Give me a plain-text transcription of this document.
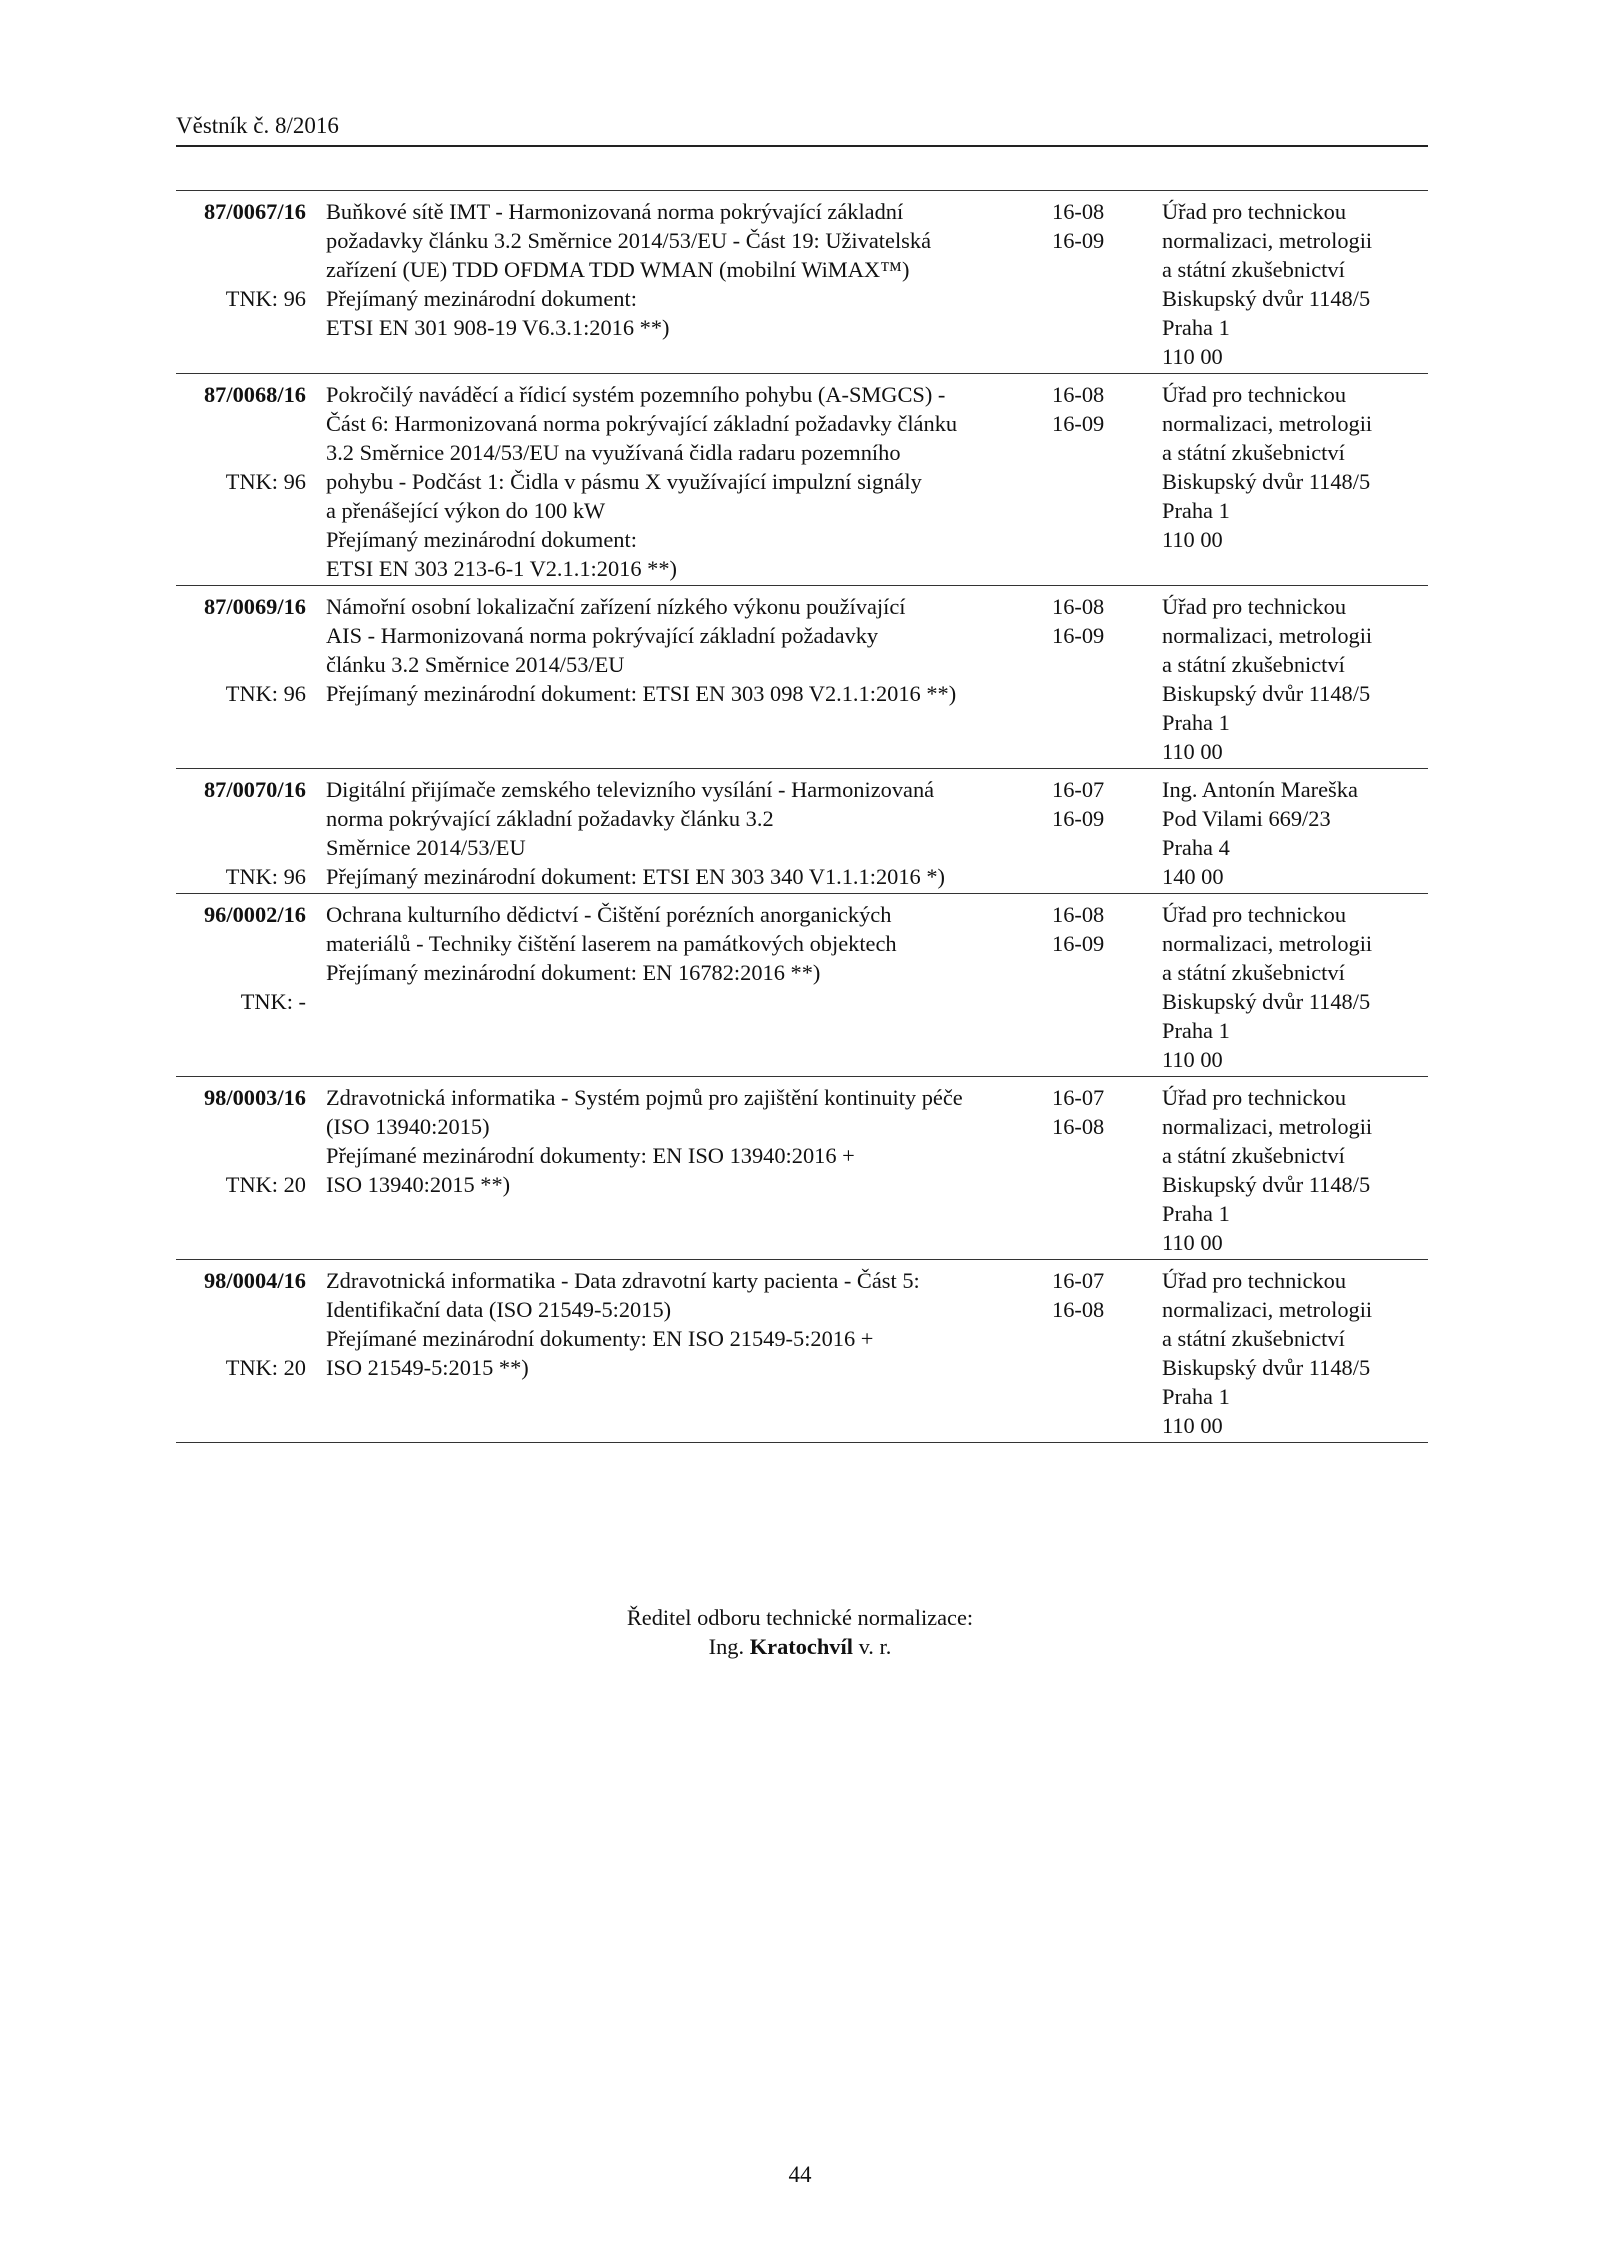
Věstník č. 8/2016
87/0067/16
TNK: 96
Buňkové sítě IMT - Harmonizovaná norma pokrývající základní
požadavky článku 3.2 Směrnice 2014/53/EU - Část 19: Uživatelská
zařízení (UE) TDD OFDMA TDD WMAN (mobilní WiMAX™)
Přejímaný mezinárodní dokument:
ETSI EN 301 908-19 V6.3.1:2016 **)
16-08
16-09
Úřad pro technickou
normalizaci, metrologii
a státní zkušebnictví
Biskupský dvůr 1148/5
Praha 1
110 00
87/0068/16
TNK: 96
Pokročilý naváděcí a řídicí systém pozemního pohybu (A-SMGCS) -
Část 6: Harmonizovaná norma pokrývající základní požadavky článku
3.2 Směrnice 2014/53/EU na využívaná čidla radaru pozemního
pohybu - Podčást 1: Čidla v pásmu X využívající impulzní signály
a přenášející výkon do 100 kW
Přejímaný mezinárodní dokument:
ETSI EN 303 213-6-1 V2.1.1:2016 **)
16-08
16-09
Úřad pro technickou
normalizaci, metrologii
a státní zkušebnictví
Biskupský dvůr 1148/5
Praha 1
110 00
87/0069/16
TNK: 96
Námořní osobní lokalizační zařízení nízkého výkonu používající
AIS - Harmonizovaná norma pokrývající základní požadavky
článku 3.2 Směrnice 2014/53/EU
Přejímaný mezinárodní dokument: ETSI EN 303 098 V2.1.1:2016 **)
16-08
16-09
Úřad pro technickou
normalizaci, metrologii
a státní zkušebnictví
Biskupský dvůr 1148/5
Praha 1
110 00
87/0070/16
TNK: 96
Digitální přijímače zemského televizního vysílání - Harmonizovaná
norma pokrývající základní požadavky článku 3.2
Směrnice 2014/53/EU
Přejímaný mezinárodní dokument: ETSI EN 303 340 V1.1.1:2016 *)
16-07
16-09
Ing. Antonín Mareška
Pod Vilami 669/23
Praha 4
140 00
96/0002/16
TNK: -
Ochrana kulturního dědictví - Čištění porézních anorganických
materiálů - Techniky čištění laserem na památkových objektech
Přejímaný mezinárodní dokument: EN 16782:2016 **)
16-08
16-09
Úřad pro technickou
normalizaci, metrologii
a státní zkušebnictví
Biskupský dvůr 1148/5
Praha 1
110 00
98/0003/16
TNK: 20
Zdravotnická informatika - Systém pojmů pro zajištění kontinuity péče
(ISO 13940:2015)
Přejímané mezinárodní dokumenty: EN ISO 13940:2016 +
ISO 13940:2015 **)
16-07
16-08
Úřad pro technickou
normalizaci, metrologii
a státní zkušebnictví
Biskupský dvůr 1148/5
Praha 1
110 00
98/0004/16
TNK: 20
Zdravotnická informatika - Data zdravotní karty pacienta - Část 5:
Identifikační data (ISO 21549-5:2015)
Přejímané mezinárodní dokumenty: EN ISO 21549-5:2016 +
ISO 21549-5:2015 **)
16-07
16-08
Úřad pro technickou
normalizaci, metrologii
a státní zkušebnictví
Biskupský dvůr 1148/5
Praha 1
110 00
Ředitel odboru technické normalizace:
Ing. Kratochvíl v. r.
44
